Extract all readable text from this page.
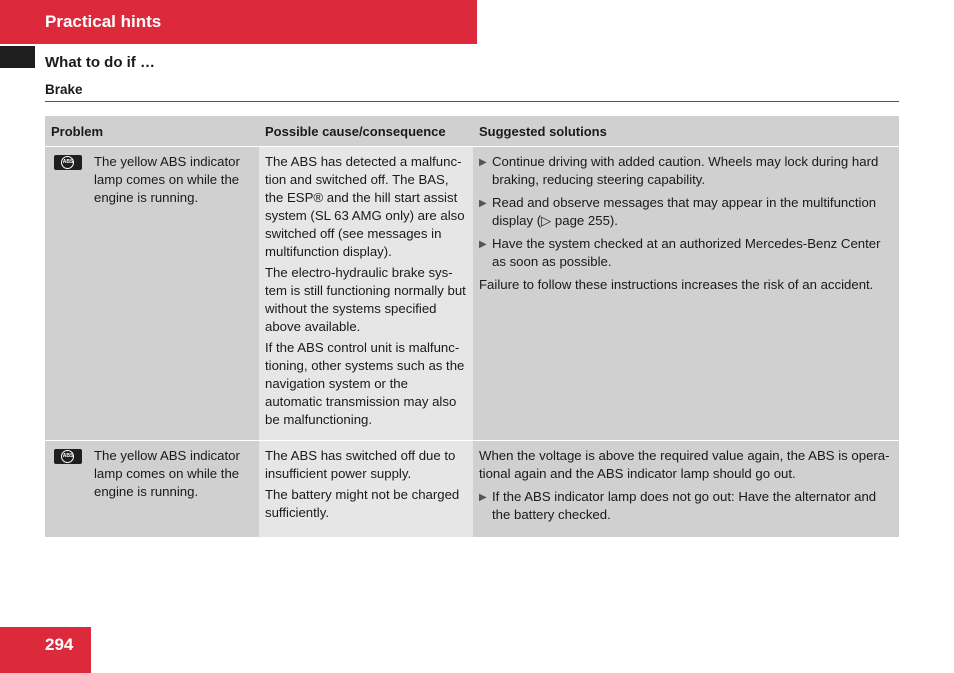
Practical hints
What to do if …
Brake
Problem	Possible cause/consequence	Suggested solutions
ABS The yellow ABS indicator lamp comes on while the engine is running.
The ABS has detected a malfunc-tion and switched off. The BAS, the ESP® and the hill start assist system (SL 63 AMG only) are also switched off (see messages in multifunction display).
The electro-hydraulic brake sys-tem is still functioning normally but without the systems specified above available.
If the ABS control unit is malfunc-tioning, other systems such as the navigation system or the automatic transmission may also be malfunctioning.
▶ Continue driving with added caution. Wheels may lock during hard braking, reducing steering capability.
▶ Read and observe messages that may appear in the multifunction display (▷ page 255).
▶ Have the system checked at an authorized Mercedes-Benz Center as soon as possible.
Failure to follow these instructions increases the risk of an accident.
ABS The yellow ABS indicator lamp comes on while the engine is running.
The ABS has switched off due to insufficient power supply.
The battery might not be charged sufficiently.
When the voltage is above the required value again, the ABS is opera-tional again and the ABS indicator lamp should go out.
▶ If the ABS indicator lamp does not go out: Have the alternator and the battery checked.
294
